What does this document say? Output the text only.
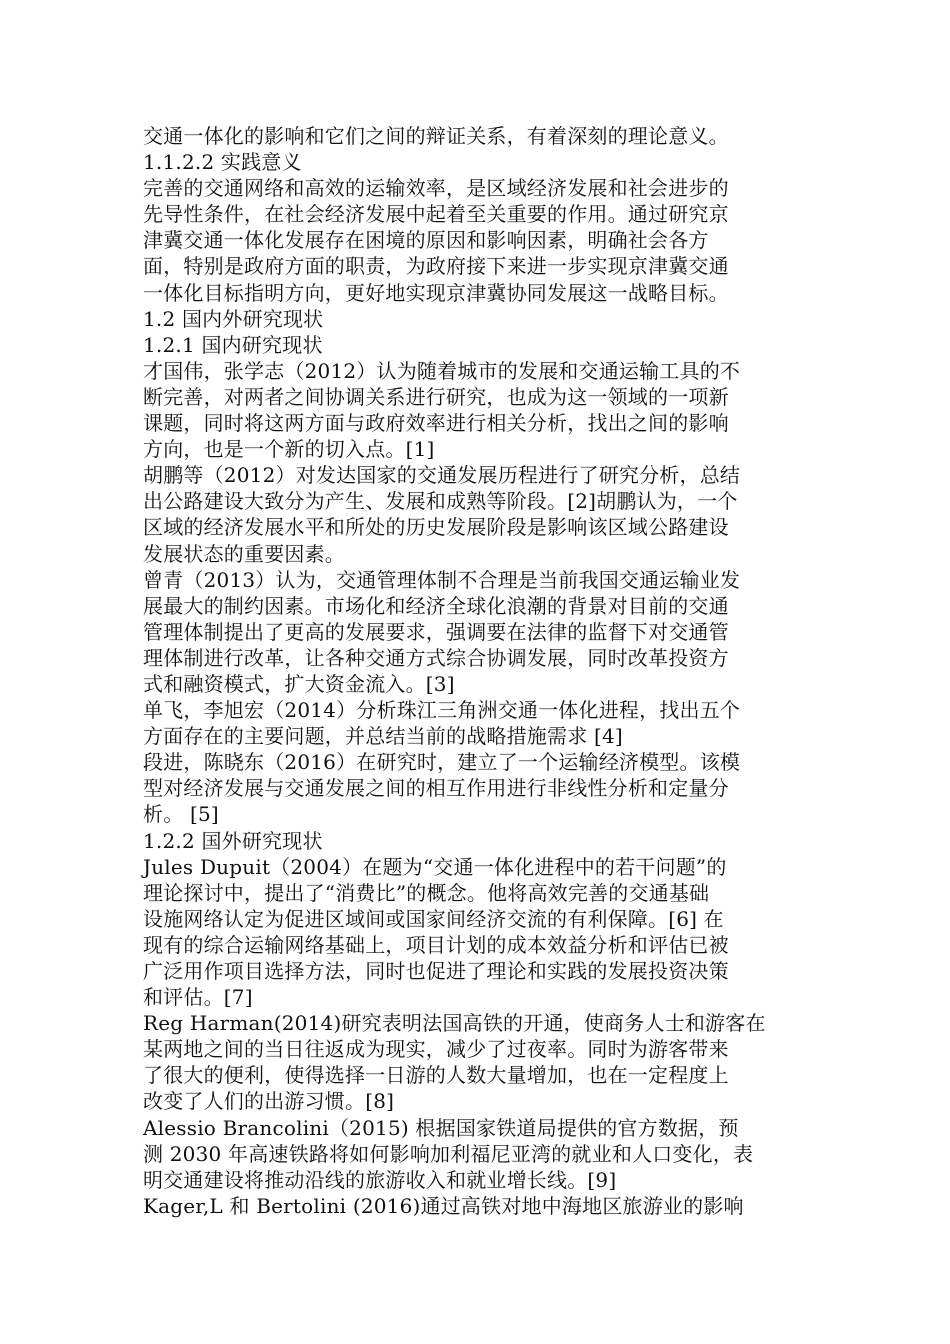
交通一体化的影响和它们之间的辩证关系，有着深刻的理论意义。
1.1.2.2 实践意义
完善的交通网络和高效的运输效率，是区域经济发展和社会进步的
先导性条件，在社会经济发展中起着至关重要的作用。通过研究京
津冀交通一体化发展存在困境的原因和影响因素，明确社会各方
面，特别是政府方面的职责，为政府接下来进一步实现京津冀交通
一体化目标指明方向，更好地实现京津冀协同发展这一战略目标。
1.2 国内外研究现状
1.2.1 国内研究现状
才国伟，张学志（2012）认为随着城市的发展和交通运输工具的不
断完善，对两者之间协调关系进行研究，也成为这一领域的一项新
课题，同时将这两方面与政府效率进行相关分析，找出之间的影响
方向，也是一个新的切入点。[1]
胡鹏等（2012）对发达国家的交通发展历程进行了研究分析，总结
出公路建设大致分为产生、发展和成熟等阶段。[2]胡鹏认为，一个
区域的经济发展水平和所处的历史发展阶段是影响该区域公路建设
发展状态的重要因素。
曾青（2013）认为，交通管理体制不合理是当前我国交通运输业发
展最大的制约因素。市场化和经济全球化浪潮的背景对目前的交通
管理体制提出了更高的发展要求，强调要在法律的监督下对交通管
理体制进行改革，让各种交通方式综合协调发展，同时改革投资方
式和融资模式，扩大资金流入。[3]
单飞，李旭宏（2014）分析珠江三角洲交通一体化进程，找出五个
方面存在的主要问题，并总结当前的战略措施需求 [4]
段进，陈晓东（2016）在研究时，建立了一个运输经济模型。该模
型对经济发展与交通发展之间的相互作用进行非线性分析和定量分
析。 [5]
1.2.2 国外研究现状
Jules Dupuit（2004）在题为“交通一体化进程中的若干问题”的
理论探讨中，提出了“消费比”的概念。他将高效完善的交通基础
设施网络认定为促进区域间或国家间经济交流的有利保障。[6] 在
现有的综合运输网络基础上，项目计划的成本效益分析和评估已被
广泛用作项目选择方法，同时也促进了理论和实践的发展投资决策
和评估。[7]
Reg Harman(2014)研究表明法国高铁的开通，使商务人士和游客在
某两地之间的当日往返成为现实，减少了过夜率。同时为游客带来
了很大的便利，使得选择一日游的人数大量增加，也在一定程度上
改变了人们的出游习惯。[8]
Alessio Brancolini（2015) 根据国家铁道局提供的官方数据，预
测 2030 年高速铁路将如何影响加利福尼亚湾的就业和人口变化，表
明交通建设将推动沿线的旅游收入和就业增长线。[9]
Kager,L 和 Bertolini (2016)通过高铁对地中海地区旅游业的影响
